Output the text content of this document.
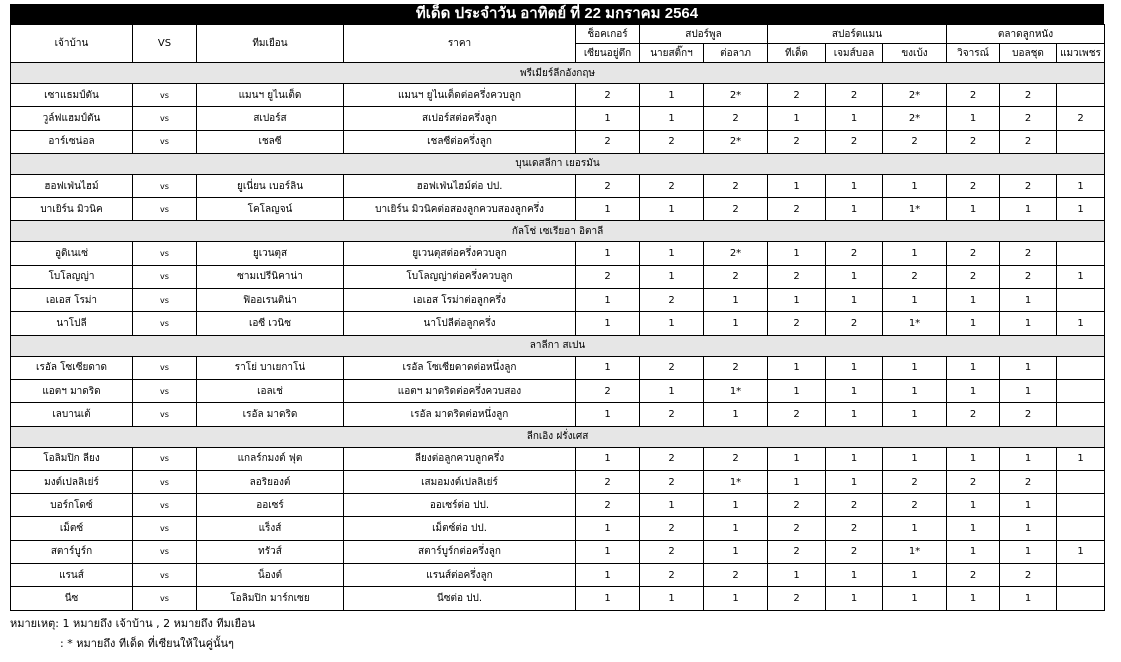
ทีเด็ด ประจำวัน อาทิตย์ ที่ 22 มกราคม 2564
เจ้าบ้าน	VS	ทีมเยือน	ราคา	ช็อคเกอร์	สปอร์พูล		สปอร์ตแมน			ตลาดลูกหนัง		
				เซียนอยู่ตึก	นายสติ๊กฯ	ต่อลาภ	ทีเด็ด	เจมส์บอล	ขงเบ้ง	วิจารณ์	บอลชุด	แมวเพชร
พรีเมียร์ลีกอังกฤษ												
เซาแธมป์ตัน	vs	แมนฯ ยูไนเต็ด	แมนฯ ยูไนเต็ดต่อครึ่งควบลูก	2	1	2*	2	2	2*	2	2	
วูล์ฟแฮมป์ตัน	vs	สเปอร์ส	สเปอร์สต่อครึ่งลูก	1	1	2	1	1	2*	1	2	2
อาร์เซน่อล	vs	เชลซี	เชลซีต่อครึ่งลูก	2	2	2*	2	2	2	2	2	
บุนเดสลีกา เยอรมัน												
ฮอฟเฟ่นไฮม์	vs	ยูเนี่ยน เบอร์ลิน	ฮอฟเฟ่นไฮม์ต่อ ปป.	2	2	2	1	1	1	2	2	1
บาเยิร์น มิวนิค	vs	โคโลญจน์	บาเยิร์น มิวนิคต่อสองลูกควบสองลูกครึ่ง	1	1	2	2	1	1*	1	1	1
กัลโช่ เซเรียอา อิตาลี												
อูดิเนเซ่	vs	ยูเวนตุส	ยูเวนตุสต่อครึ่งควบลูก	1	1	2*	1	2	1	2	2	
โบโลญญ่า	vs	ซามเปรีนิคาน่า	โบโลญญ่าต่อครึ่งควบลูก	2	1	2	2	1	2	2	2	1
เอเอส โรม่า	vs	ฟิออเรนติน่า	เอเอส โรม่าต่อลูกครึ่ง	1	2	1	1	1	1	1	1	
นาโปลี	vs	เอซี เวนิซ	นาโปลีต่อลูกครึ่ง	1	1	1	2	2	1*	1	1	1
ลาลีกา สเปน												
เรอัล โซเซียดาด	vs	ราโย่ บาเยกาโน่	เรอัล โซเซียดาดต่อหนึ่งลูก	1	2	2	1	1	1	1	1	
แอตฯ มาดริด	vs	เอลเช่	แอตฯ มาดริดต่อครึ่งควบสอง	2	1	1*	1	1	1	1	1	
เลบานเต้	vs	เรอัล มาดริด	เรอัล มาดริดต่อหนึ่งลูก	1	2	1	2	1	1	2	2	
ลีกเอิง ฝรั่งเศส												
โอลิมปิก ลียง	vs	แกลร์กมงต์ ฟุต	ลียงต่อลูกควบลูกครึ่ง	1	2	2	1	1	1	1	1	1
มงต์เปลลิเย่ร์	vs	ลอริยองต์	เสมอมงต์เปลลิเย่ร์	2	2	1*	1	1	2	2	2	
บอร์กโดซ์	vs	ออเซร์	ออเซร์ต่อ ปป.	2	1	1	2	2	2	1	1	
เม็ตซ์	vs	แร็งส์	เม็ตซ์ต่อ ปป.	1	2	1	2	2	1	1	1	
สตาร์บูร์ก	vs	ทรัวส์	สตาร์บูร์กต่อครึ่งลูก	1	2	1	2	2	1*	1	1	1
แรนส์	vs	น็องต์	แรนส์ต่อครึ่งลูก	1	2	2	1	1	1	2	2	
นีซ	vs	โอลิมปิก มาร์กเซย	นีซต่อ ปป.	1	1	1	2	1	1	1	1	
หมายเหตุ: 1 หมายถึง เจ้าบ้าน , 2 หมายถึง ทีมเยือน
: * หมายถึง ทีเด็ด ที่เซียนให้ในคู่นั้นๆ
